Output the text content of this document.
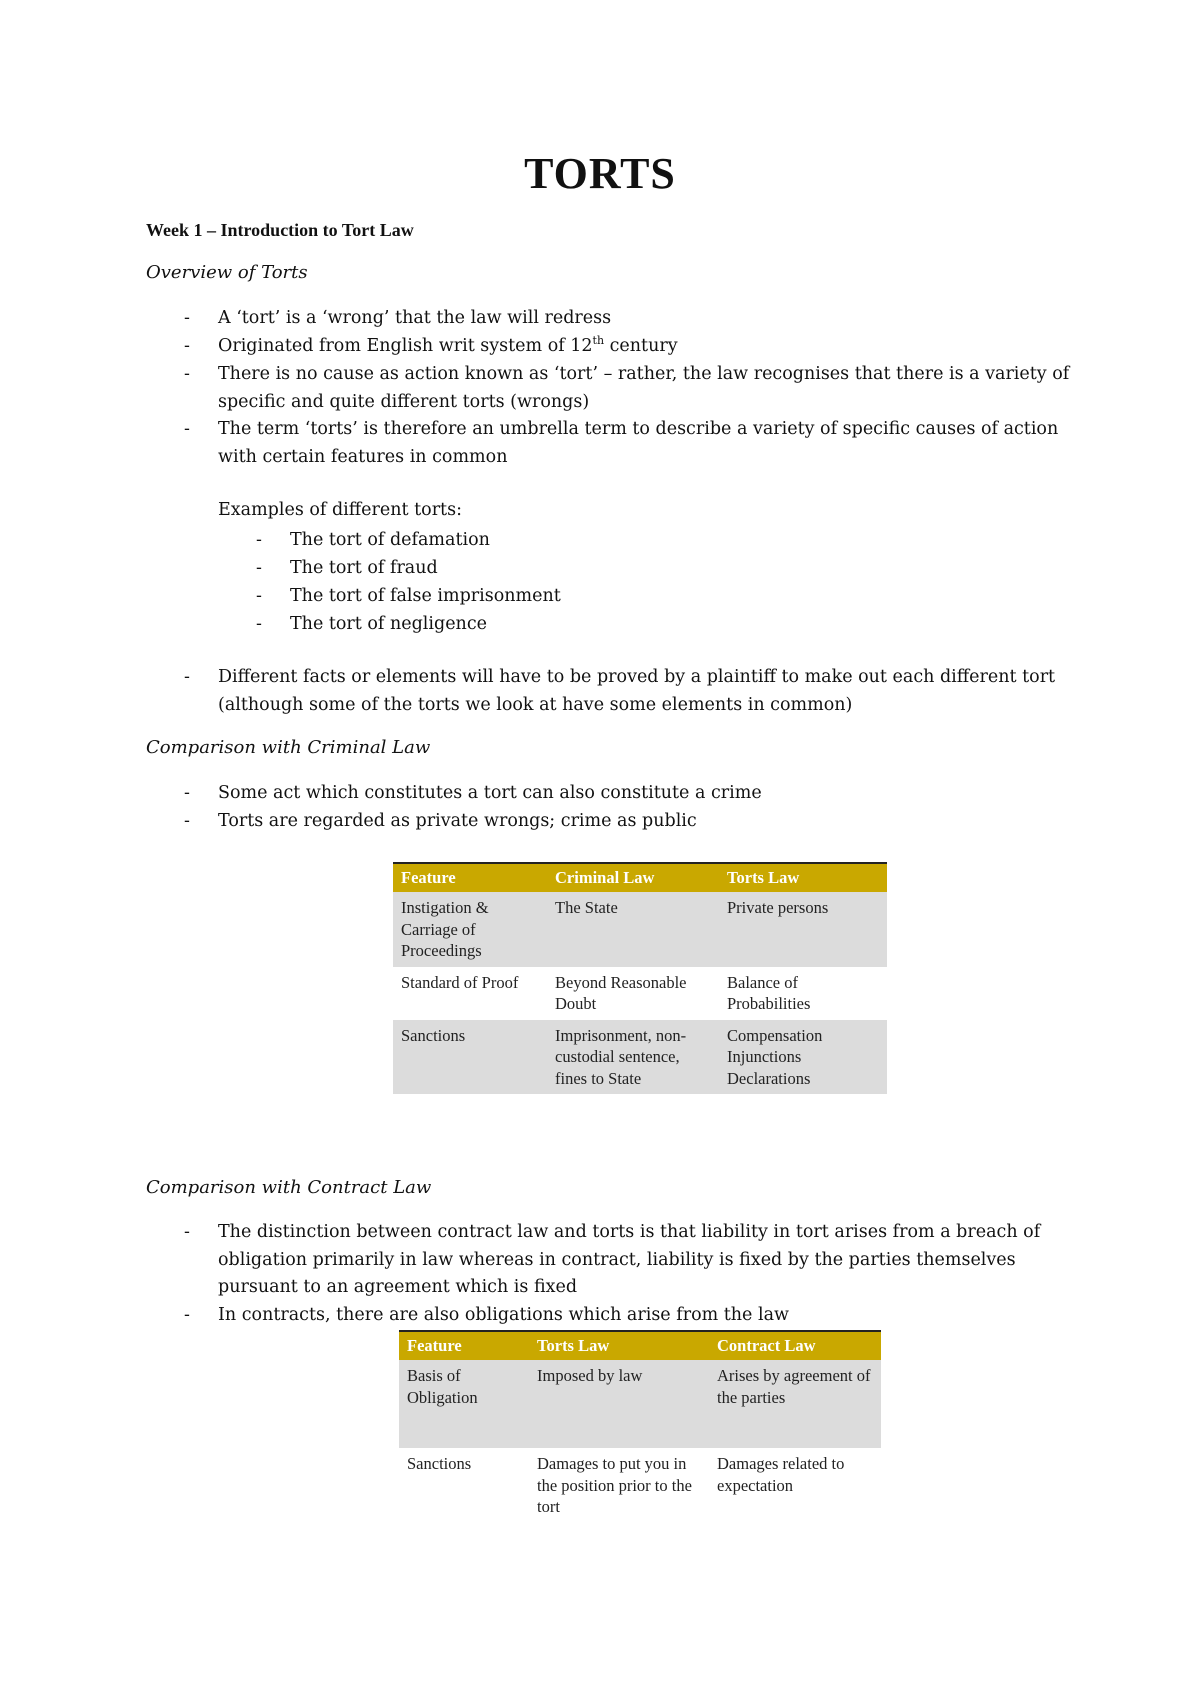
TORTS
Week 1 – Introduction to Tort Law
Overview of Torts
- A ‘tort’ is a ‘wrong’ that the law will redress
- Originated from English writ system of 12th century
- There is no cause as action known as ‘tort’ – rather, the law recognises that there is a variety of specific and quite different torts (wrongs)
- The term ‘torts’ is therefore an umbrella term to describe a variety of specific causes of action with certain features in common
Examples of different torts:
- The tort of defamation
- The tort of fraud
- The tort of false imprisonment
- The tort of negligence
- Different facts or elements will have to be proved by a plaintiff to make out each different tort (although some of the torts we look at have some elements in common)
Comparison with Criminal Law
- Some act which constitutes a tort can also constitute a crime
- Torts are regarded as private wrongs; crime as public
Feature	Criminal Law	Torts Law
Instigation & Carriage of Proceedings	The State	Private persons
Standard of Proof	Beyond Reasonable Doubt	Balance of Probabilities
Sanctions	Imprisonment, non-custodial sentence, fines to State	Compensation Injunctions Declarations
Comparison with Contract Law
- The distinction between contract law and torts is that liability in tort arises from a breach of obligation primarily in law whereas in contract, liability is fixed by the parties themselves pursuant to an agreement which is fixed
- In contracts, there are also obligations which arise from the law
Feature	Torts Law	Contract Law
Basis of Obligation	Imposed by law	Arises by agreement of the parties
Sanctions	Damages to put you in the position prior to the tort	Damages related to expectation
